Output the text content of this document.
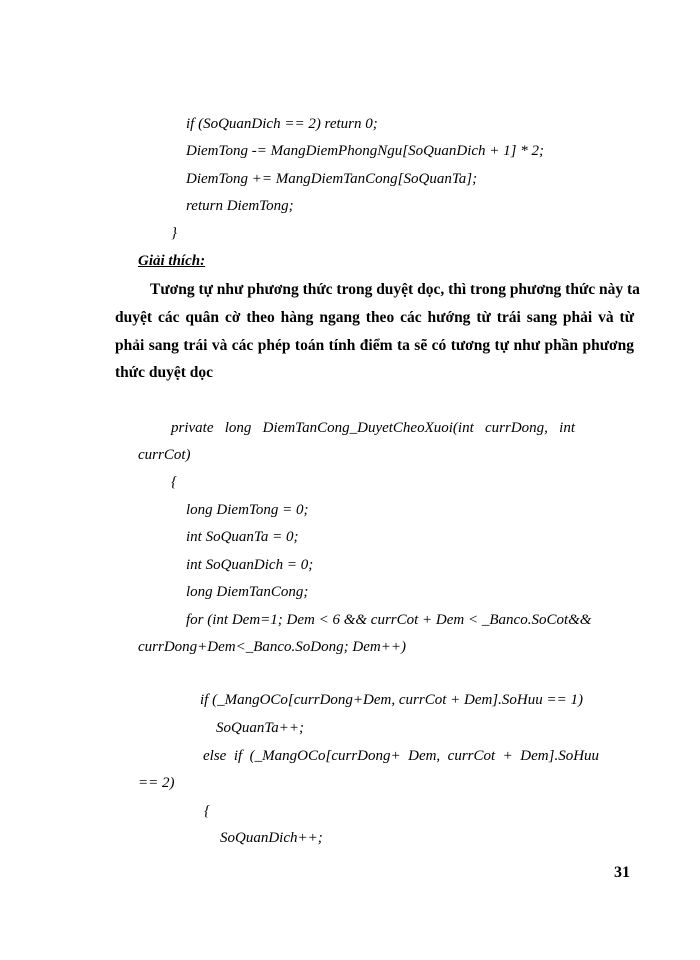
if (SoQuanDich == 2) return 0;
DiemTong -= MangDiemPhongNgu[SoQuanDich + 1] * 2;
DiemTong += MangDiemTanCong[SoQuanTa];
return DiemTong;
}
Giải thích:
Tương tự như phương thức trong duyệt dọc, thì trong phương thức này ta
duyệt các quân cờ theo hàng ngang theo các hướng từ trái sang phải và từ
phải sang trái và các phép toán tính điểm ta sẽ có tương tự như phần phương
thức duyệt dọc
private   long   DiemTanCong_DuyetCheoXuoi(int   currDong,   int
currCot)
{
long DiemTong = 0;
int SoQuanTa = 0;
int SoQuanDich = 0;
long DiemTanCong;
for (int Dem=1; Dem < 6 && currCot + Dem < _Banco.SoCot&&
currDong+Dem<_Banco.SoDong; Dem++)
if (_MangOCo[currDong+Dem, currCot + Dem].SoHuu == 1)
SoQuanTa++;
else  if  (_MangOCo[currDong+  Dem,  currCot  +  Dem].SoHuu
== 2)
{
SoQuanDich++;
31
